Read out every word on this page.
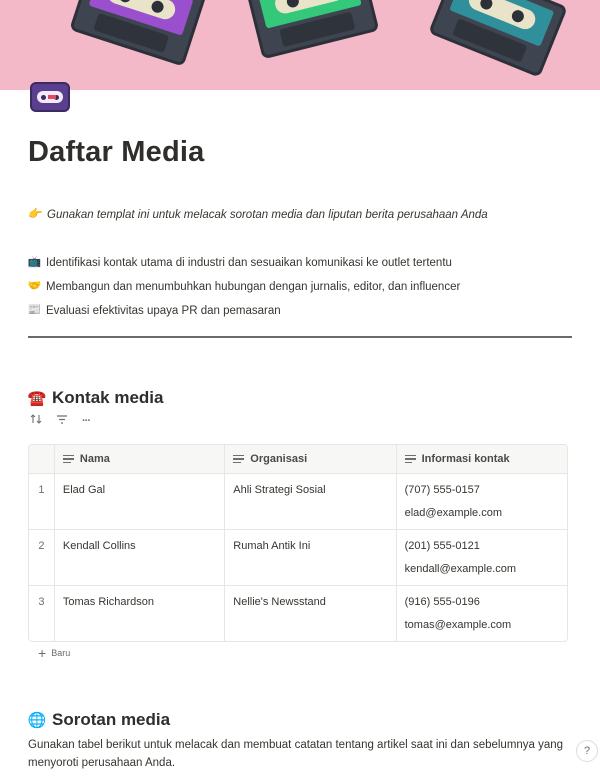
Daftar Media
👉 Gunakan templat ini untuk melacak sorotan media dan liputan berita perusahaan Anda
📺 Identifikasi kontak utama di industri dan sesuaikan komunikasi ke outlet tertentu
🤝 Membangun dan menumbuhkan hubungan dengan jurnalis, editor, dan influencer
📰 Evaluasi efektivitas upaya PR dan pemasaran
☎️ Kontak media
···
Nama	Organisasi	Informasi kontak
1	Elad Gal	Ahli Strategi Sosial	(707) 555-0157
elad@example.com
2	Kendall Collins	Rumah Antik Ini	(201) 555-0121
kendall@example.com
3	Tomas Richardson	Nellie's Newsstand	(916) 555-0196
tomas@example.com
+ Baru
🌐 Sorotan media

Gunakan tabel berikut untuk melacak dan membuat catatan tentang artikel saat ini dan sebelumnya yang menyoroti perusahaan Anda.

?
